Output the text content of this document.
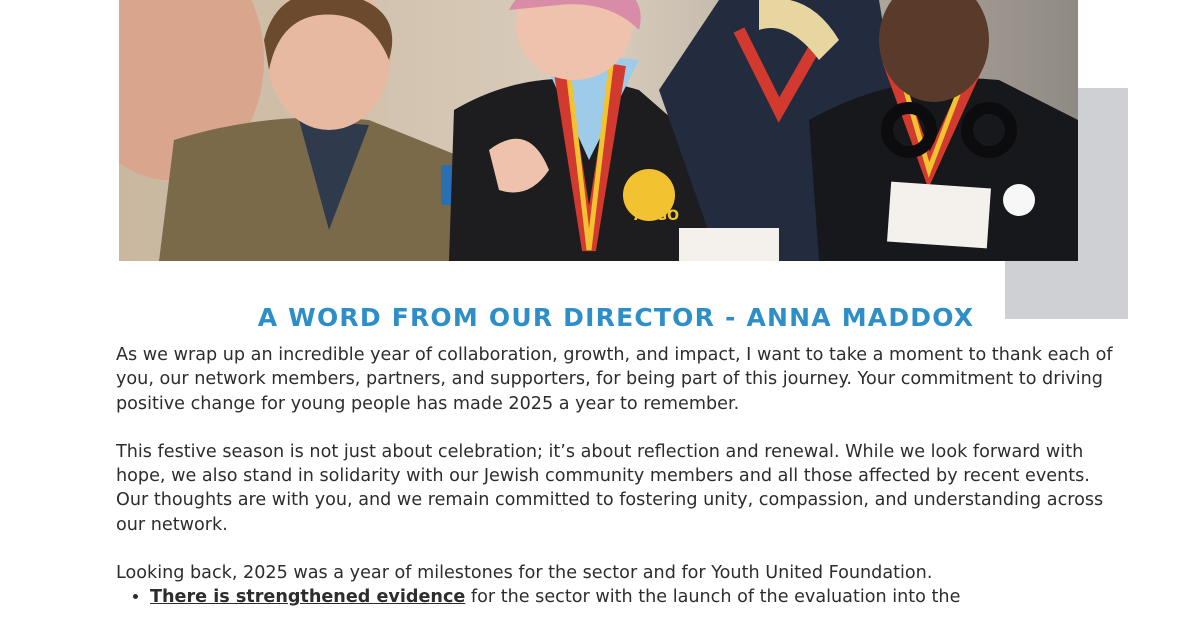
ARGO
A WORD FROM OUR DIRECTOR - ANNA MADDOX

As we wrap up an incredible year of collaboration, growth, and impact, I want to take a moment to thank each of you, our network members, partners, and supporters, for being part of this journey. Your commitment to driving positive change for young people has made 2025 a year to remember.

This festive season is not just about celebration; it’s about reflection and renewal. While we look forward with hope, we also stand in solidarity with our Jewish community members and all those affected by recent events. Our thoughts are with you, and we remain committed to fostering unity, compassion, and understanding across our network.

Looking back, 2025 was a year of milestones for the sector and for Youth United Foundation.

• There is strengthened evidence for the sector with the launch of the evaluation into the
